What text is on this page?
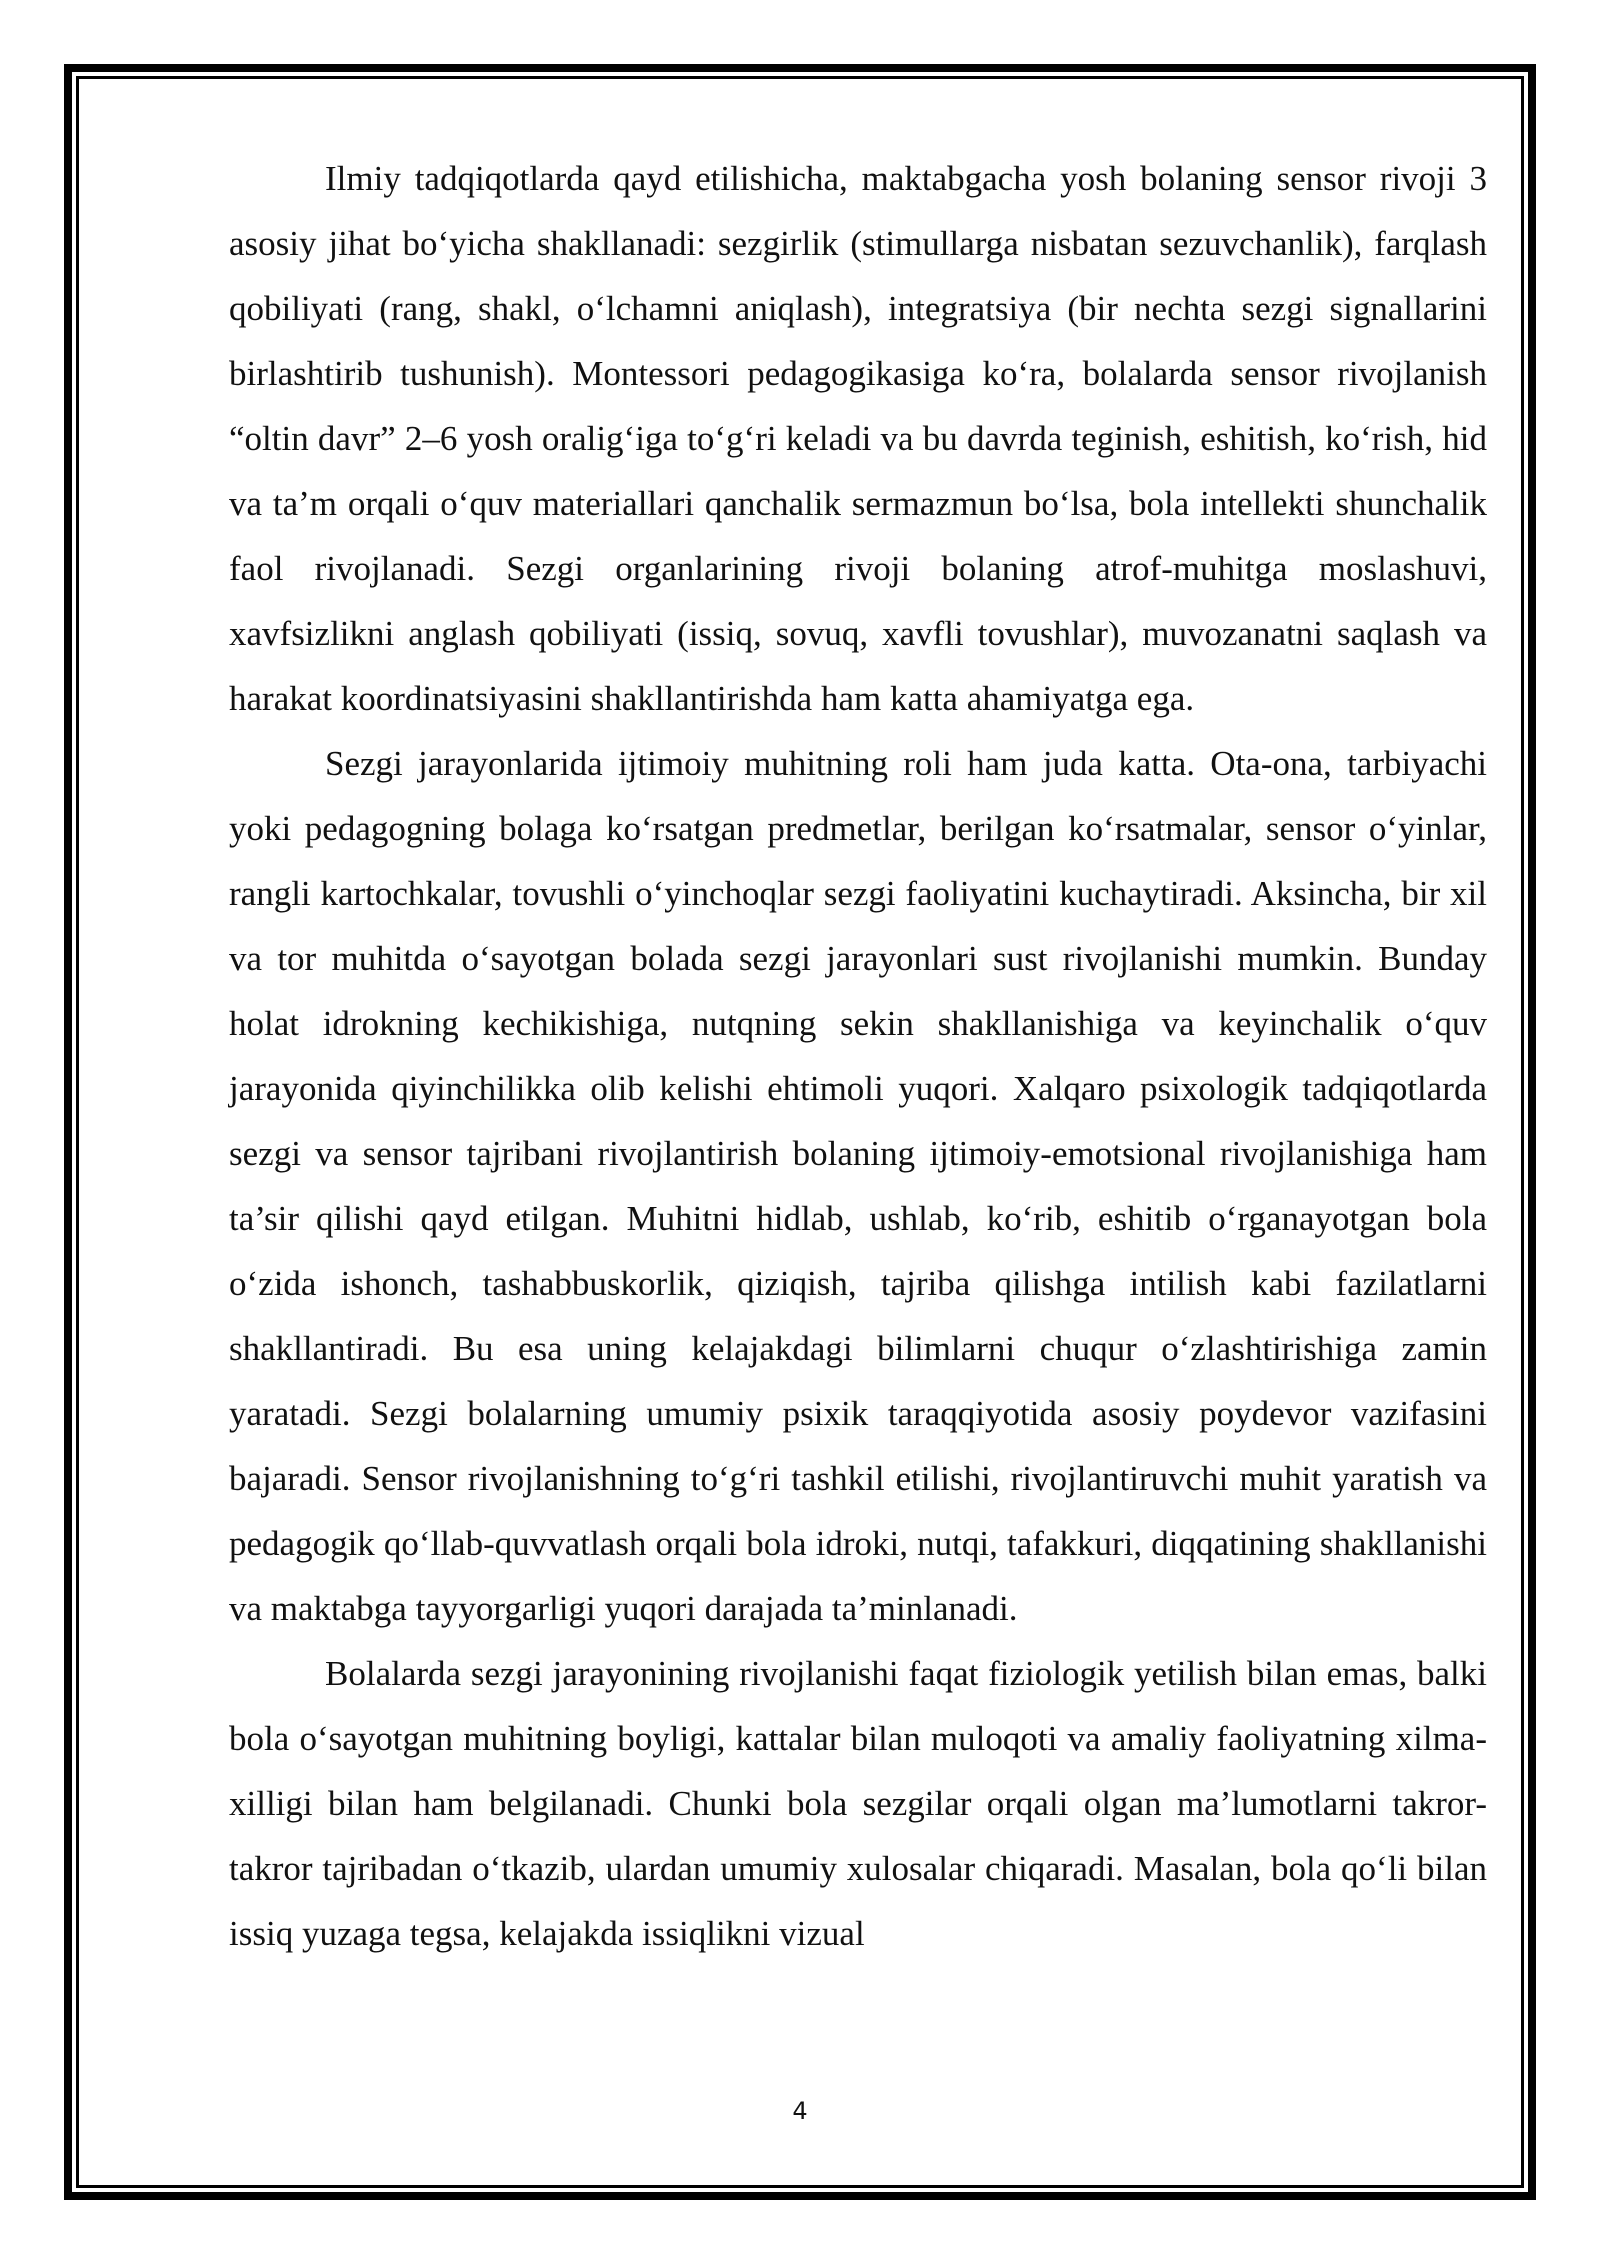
Ilmiy tadqiqotlarda qayd etilishicha, maktabgacha yosh bolaning sensor rivoji 3 asosiy jihat bo‘yicha shakllanadi: sezgirlik (stimullarga nisbatan sezuvchanlik), farqlash qobiliyati (rang, shakl, o‘lchamni aniqlash), integratsiya (bir nechta sezgi signallarini birlashtirib tushunish). Montessori pedagogikasiga ko‘ra, bolalarda sensor rivojlanish “oltin davr” 2–6 yosh oralig‘iga to‘g‘ri keladi va bu davrda teginish, eshitish, ko‘rish, hid va ta’m orqali o‘quv materiallari qanchalik sermazmun bo‘lsa, bola intellekti shunchalik faol rivojlanadi. Sezgi organlarining rivoji bolaning atrof-muhitga moslashuvi, xavfsizlikni anglash qobiliyati (issiq, sovuq, xavfli tovushlar), muvozanatni saqlash va harakat koordinatsiyasini shakllantirishda ham katta ahamiyatga ega.

Sezgi jarayonlarida ijtimoiy muhitning roli ham juda katta. Ota-ona, tarbiyachi yoki pedagogning bolaga ko‘rsatgan predmetlar, berilgan ko‘rsatmalar, sensor o‘yinlar, rangli kartochkalar, tovushli o‘yinchoqlar sezgi faoliyatini kuchaytiradi. Aksincha, bir xil va tor muhitda o‘sayotgan bolada sezgi jarayonlari sust rivojlanishi mumkin. Bunday holat idrokning kechikishiga, nutqning sekin shakllanishiga va keyinchalik o‘quv jarayonida qiyinchilikka olib kelishi ehtimoli yuqori. Xalqaro psixologik tadqiqotlarda sezgi va sensor tajribani rivojlantirish bolaning ijtimoiy-emotsional rivojlanishiga ham ta’sir qilishi qayd etilgan. Muhitni hidlab, ushlab, ko‘rib, eshitib o‘rganayotgan bola o‘zida ishonch, tashabbuskorlik, qiziqish, tajriba qilishga intilish kabi fazilatlarni shakllantiradi. Bu esa uning kelajakdagi bilimlarni chuqur o‘zlashtirishiga zamin yaratadi. Sezgi bolalarning umumiy psixik taraqqiyotida asosiy poydevor vazifasini bajaradi. Sensor rivojlanishning to‘g‘ri tashkil etilishi, rivojlantiruvchi muhit yaratish va pedagogik qo‘llab-quvvatlash orqali bola idroki, nutqi, tafakkuri, diqqatining shakllanishi va maktabga tayyorgarligi yuqori darajada ta’minlanadi.

Bolalarda sezgi jarayonining rivojlanishi faqat fiziologik yetilish bilan emas, balki bola o‘sayotgan muhitning boyligi, kattalar bilan muloqoti va amaliy faoliyatning xilma-xilligi bilan ham belgilanadi. Chunki bola sezgilar orqali olgan ma’lumotlarni takror-takror tajribadan o‘tkazib, ulardan umumiy xulosalar chiqaradi. Masalan, bola qo‘li bilan issiq yuzaga tegsa, kelajakda issiqlikni vizual

4
